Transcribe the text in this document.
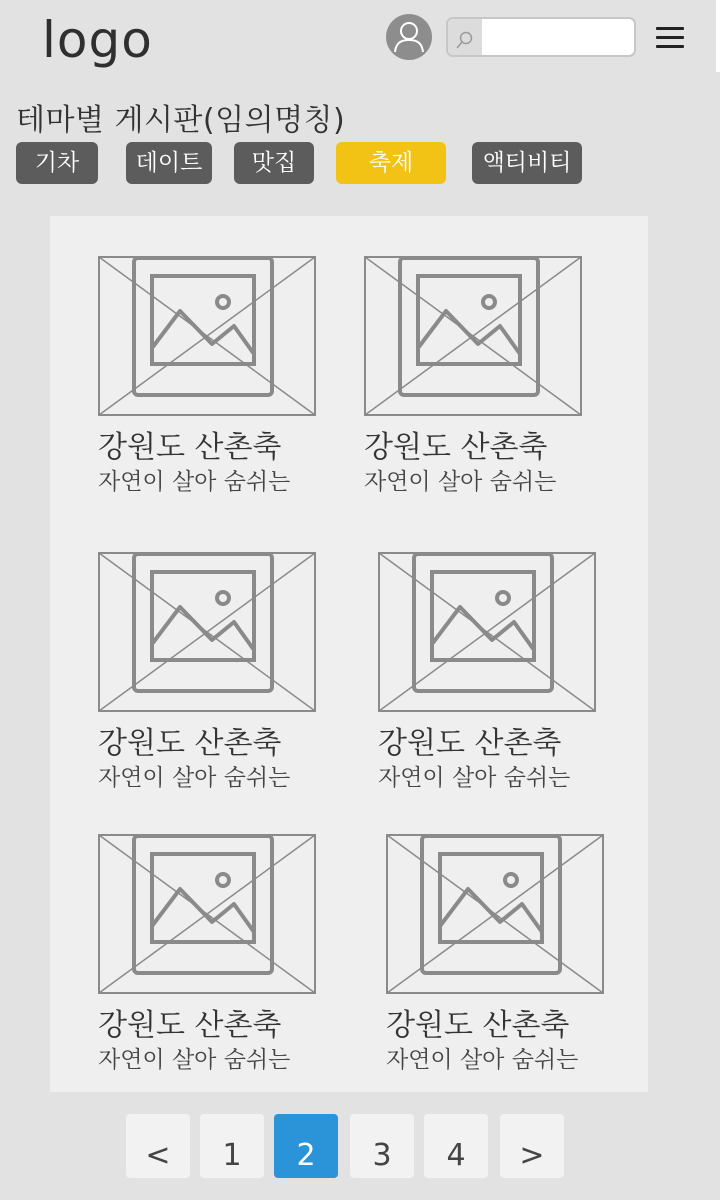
logo
테마별 게시판(임의명칭)
기차	데이트	맛집	축제	액티비티
강원도 산촌축
자연이 살아 숨쉬는
강원도 산촌축
자연이 살아 숨쉬는
강원도 산촌축
자연이 살아 숨쉬는
강원도 산촌축
자연이 살아 숨쉬는
강원도 산촌축
자연이 살아 숨쉬는
강원도 산촌축
자연이 살아 숨쉬는
<	1	2	3	4	>
